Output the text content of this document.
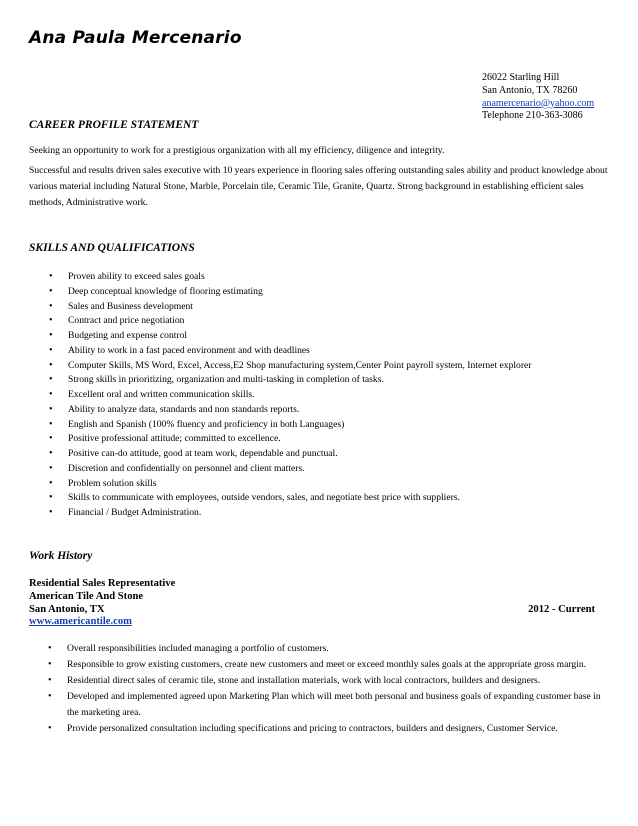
Ana Paula Mercenario
26022 Starling Hill
San Antonio, TX 78260
anamercenario@yahoo.com
Telephone 210-363-3086
CAREER PROFILE STATEMENT
Seeking an opportunity to work for a prestigious organization with all my efficiency, diligence and integrity.
Successful and results driven sales executive with 10 years experience in flooring sales offering outstanding sales ability and product knowledge about various material including Natural Stone, Marble, Porcelain tile, Ceramic Tile, Granite, Quartz. Strong background in establishing efficient sales methods, Administrative work.
SKILLS AND QUALIFICATIONS
• Proven ability to exceed sales goals
• Deep conceptual knowledge of flooring estimating
• Sales and Business development
• Contract and price negotiation
• Budgeting and expense control
• Ability to work in a fast paced environment and with deadlines
• Computer Skills, MS Word, Excel, Access,E2 Shop manufacturing system,Center Point payroll system, Internet explorer
• Strong skills in prioritizing, organization and multi-tasking in completion of tasks.
• Excellent oral and written communication skills.
• Ability to analyze data, standards and non standards reports.
• English and Spanish (100% fluency and proficiency in both Languages)
• Positive professional attitude; committed to excellence.
• Positive can-do attitude, good at team work, dependable and punctual.
• Discretion and confidentially on personnel and client matters.
• Problem solution skills
• Skills to communicate with employees, outside vendors, sales, and negotiate best price with suppliers.
• Financial / Budget Administration.
Work History
Residential Sales Representative
American Tile And Stone
San Antonio, TX	2012 - Current
www.americantile.com
• Overall responsibilities included managing a portfolio of customers.
• Responsible to grow existing customers, create new customers and meet or exceed monthly sales goals at the appropriate gross margin.
• Residential direct sales of ceramic tile, stone and installation materials, work with local contractors, builders and designers.
• Developed and implemented agreed upon Marketing Plan which will meet both personal and business goals of expanding customer base in the marketing area.
• Provide personalized consultation including specifications and pricing to contractors, builders and designers, Customer Service.
